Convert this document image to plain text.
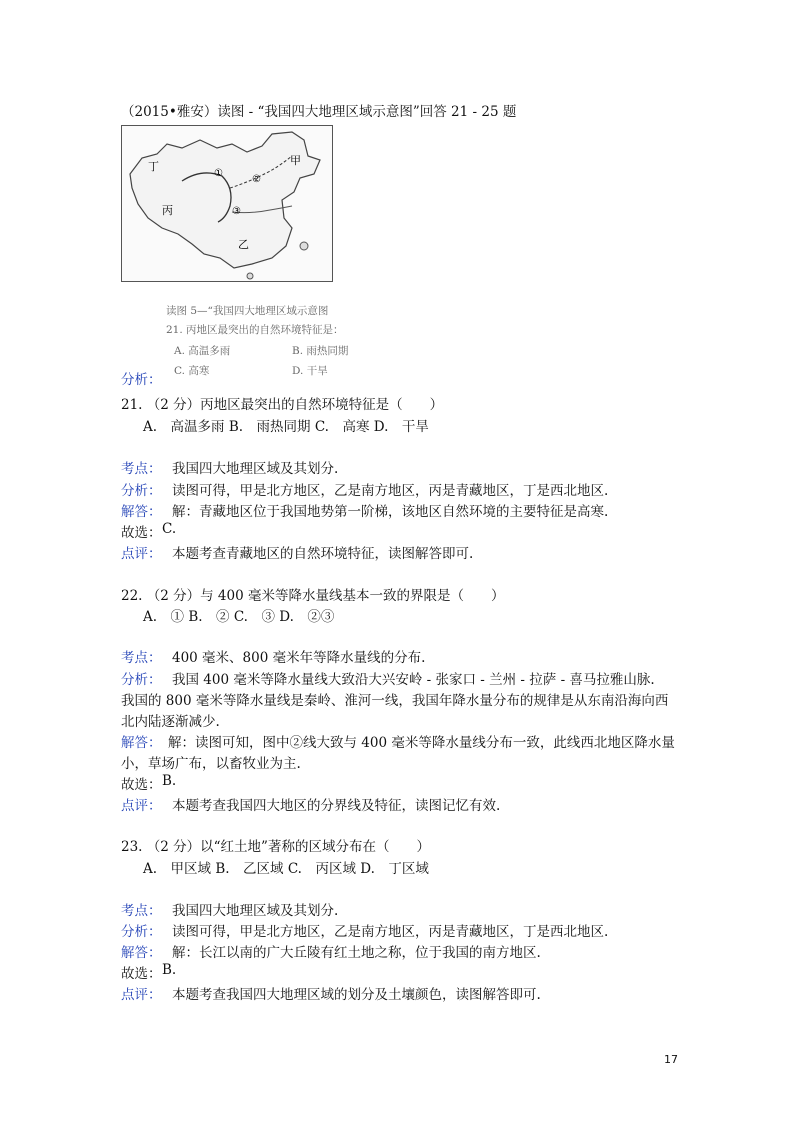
（2015•雅安）读图 - “我国四大地理区域示意图”回答 21 - 25 题
丁	甲
丙
乙
①
②
③
读图 5—“我国四大地理区域示意图
21. 丙地区最突出的自然环境特征是：
A. 高温多雨	B. 雨热同期
C. 高寒	D. 干旱
分析：
21. （2 分）丙地区最突出的自然环境特征是（　　）
A.　高温多雨 B.　雨热同期 C.　高寒 D.　干旱
考点： 我国四大地理区域及其划分.
分析： 读图可得，甲是北方地区，乙是南方地区，丙是青藏地区，丁是西北地区.
解答： 解：青藏地区位于我国地势第一阶梯，该地区自然环境的主要特征是高寒.
故选： C.
点评： 本题考查青藏地区的自然环境特征，读图解答即可.
22. （2 分）与 400 毫米等降水量线基本一致的界限是（　　）
A.　① B.　② C.　③ D.　②③
考点： 400 毫米、800 毫米年等降水量线的分布.
分析： 我国 400 毫米等降水量线大致沿大兴安岭 - 张家口 - 兰州 - 拉萨 - 喜马拉雅山脉.
我国的 800 毫米等降水量线是秦岭、淮河一线，我国年降水量分布的规律是从东南沿海向西
北内陆逐渐减少.
解答： 解：读图可知，图中②线大致与 400 毫米等降水量线分布一致，此线西北地区降水量
小，草场广布，以畜牧业为主.
故选： B.
点评： 本题考查我国四大地区的分界线及特征，读图记忆有效.
23. （2 分）以“红土地”著称的区域分布在（　　）
A.　甲区域 B.　乙区域 C.　丙区域 D.　丁区域
考点： 我国四大地理区域及其划分.
分析： 读图可得，甲是北方地区，乙是南方地区，丙是青藏地区，丁是西北地区.
解答： 解：长江以南的广大丘陵有红土地之称，位于我国的南方地区.
故选： B.
点评： 本题考查我国四大地理区域的划分及土壤颜色，读图解答即可.
17
